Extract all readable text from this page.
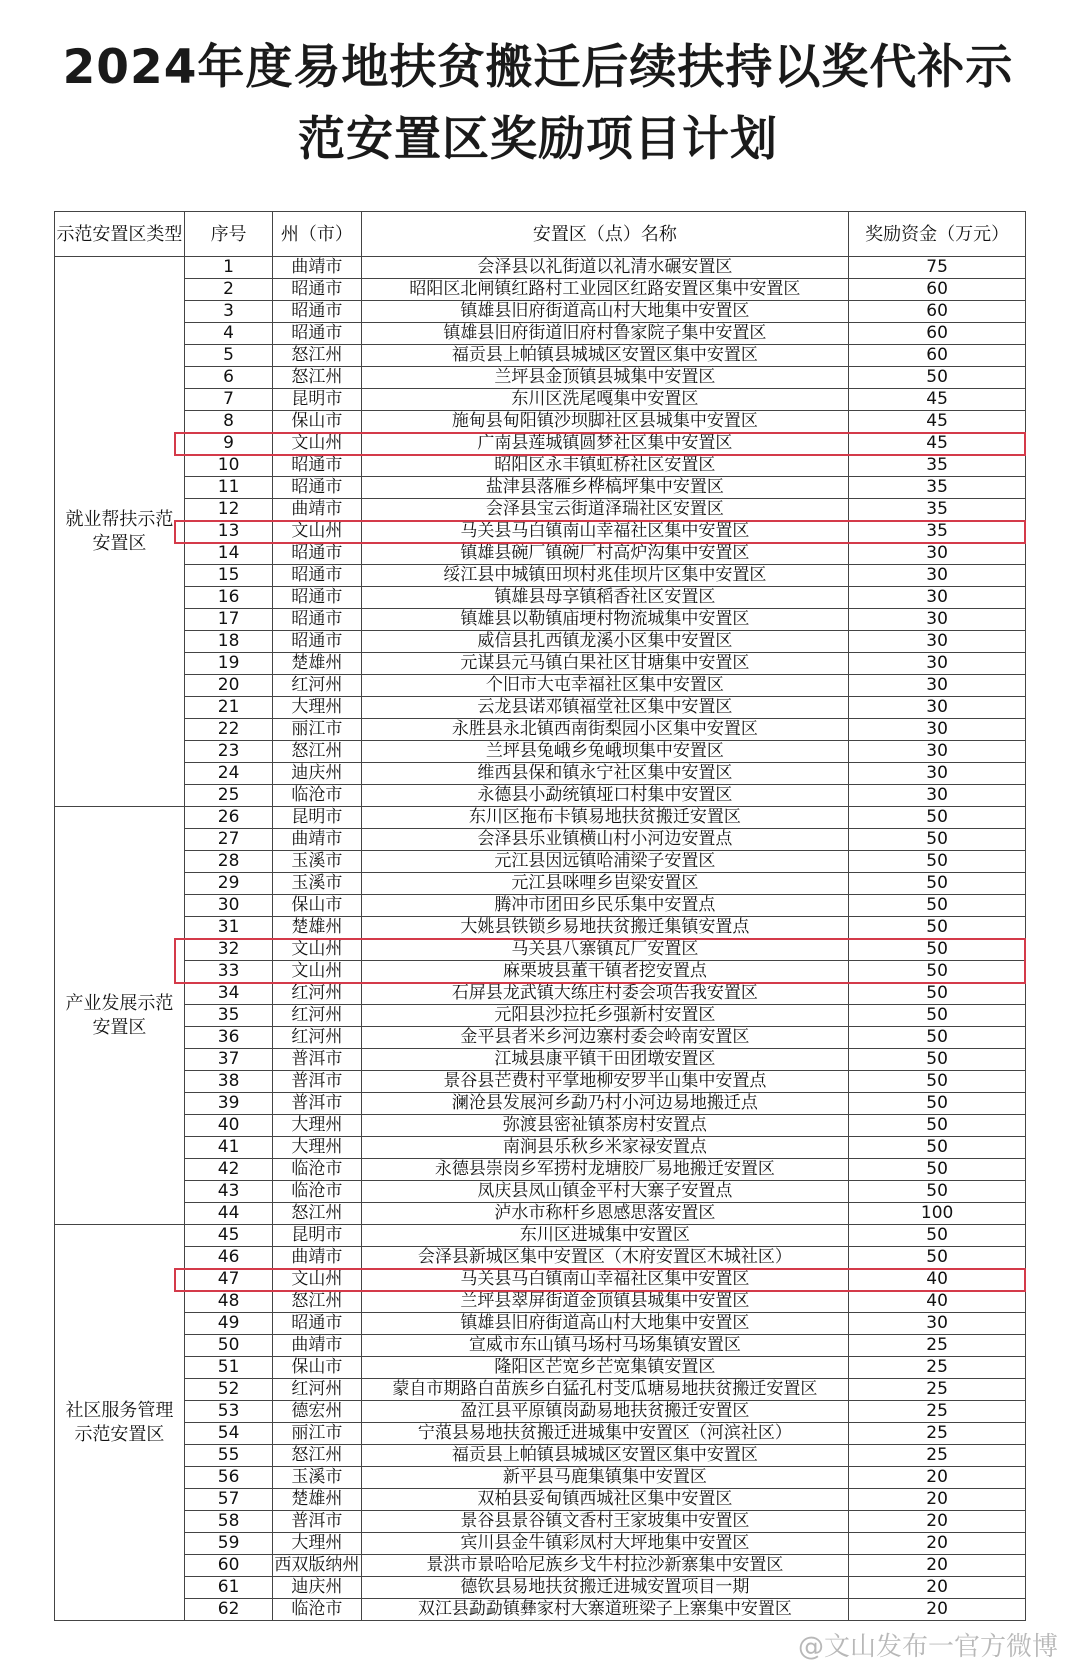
2024年度易地扶贫搬迁后续扶持以奖代补示
范安置区奖励项目计划
示范安置区类型	序号	州（市）	安置区（点）名称	奖励资金（万元）
就业帮扶示范安置区	1	曲靖市	会泽县以礼街道以礼清水碾安置区	75
	2	昭通市	昭阳区北闸镇红路村工业园区红路安置区集中安置区	60
	3	昭通市	镇雄县旧府街道高山村大地集中安置区	60
	4	昭通市	镇雄县旧府街道旧府村鲁家院子集中安置区	60
	5	怒江州	福贡县上帕镇县城城区安置区集中安置区	60
	6	怒江州	兰坪县金顶镇县城集中安置区	50
	7	昆明市	东川区洗尾嘎集中安置区	45
	8	保山市	施甸县甸阳镇沙坝脚社区县城集中安置区	45
	9	文山州	广南县莲城镇圆梦社区集中安置区	45
	10	昭通市	昭阳区永丰镇虹桥社区安置区	35
	11	昭通市	盐津县落雁乡桦槁坪集中安置区	35
	12	曲靖市	会泽县宝云街道泽瑞社区安置区	35
	13	文山州	马关县马白镇南山幸福社区集中安置区	35
	14	昭通市	镇雄县碗厂镇碗厂村高炉沟集中安置区	30
	15	昭通市	绥江县中城镇田坝村兆佳坝片区集中安置区	30
	16	昭通市	镇雄县母享镇稻香社区安置区	30
	17	昭通市	镇雄县以勒镇庙埂村物流城集中安置区	30
	18	昭通市	威信县扎西镇龙溪小区集中安置区	30
	19	楚雄州	元谋县元马镇白果社区甘塘集中安置区	30
	20	红河州	个旧市大屯幸福社区集中安置区	30
	21	大理州	云龙县诺邓镇福堂社区集中安置区	30
	22	丽江市	永胜县永北镇西南街梨园小区集中安置区	30
	23	怒江州	兰坪县兔峨乡兔峨坝集中安置区	30
	24	迪庆州	维西县保和镇永宁社区集中安置区	30
	25	临沧市	永德县小勐统镇垭口村集中安置区	30
产业发展示范安置区	26	昆明市	东川区拖布卡镇易地扶贫搬迁安置区	50
	27	曲靖市	会泽县乐业镇横山村小河边安置点	50
	28	玉溪市	元江县因远镇哈浦梁子安置区	50
	29	玉溪市	元江县咪哩乡岜梁安置区	50
	30	保山市	腾冲市团田乡民乐集中安置点	50
	31	楚雄州	大姚县铁锁乡易地扶贫搬迁集镇安置点	50
	32	文山州	马关县八寨镇瓦厂安置区	50
	33	文山州	麻栗坡县董干镇者挖安置点	50
	34	红河州	石屏县龙武镇大练庄村委会项告我安置区	50
	35	红河州	元阳县沙拉托乡强新村安置区	50
	36	红河州	金平县者米乡河边寨村委会岭南安置区	50
	37	普洱市	江城县康平镇干田团墩安置区	50
	38	普洱市	景谷县芒费村平掌地柳安罗半山集中安置点	50
	39	普洱市	澜沧县发展河乡勐乃村小河边易地搬迁点	50
	40	大理州	弥渡县密祉镇茶房村安置点	50
	41	大理州	南涧县乐秋乡米家禄安置点	50
	42	临沧市	永德县崇岗乡军捞村龙塘胶厂易地搬迁安置区	50
	43	临沧市	凤庆县凤山镇金平村大寨子安置点	50
	44	怒江州	泸水市称杆乡恩感思落安置区	100
社区服务管理示范安置区	45	昆明市	东川区进城集中安置区	50
	46	曲靖市	会泽县新城区集中安置区（木府安置区木城社区）	50
	47	文山州	马关县马白镇南山幸福社区集中安置区	40
	48	怒江州	兰坪县翠屏街道金顶镇县城集中安置区	40
	49	昭通市	镇雄县旧府街道高山村大地集中安置区	30
	50	曲靖市	宣威市东山镇马场村马场集镇安置区	25
	51	保山市	隆阳区芒宽乡芒宽集镇安置区	25
	52	红河州	蒙自市期路白苗族乡白猛孔村芠瓜塘易地扶贫搬迁安置区	25
	53	德宏州	盈江县平原镇岗勐易地扶贫搬迁安置区	25
	54	丽江市	宁蒗县易地扶贫搬迁进城集中安置区（河滨社区）	25
	55	怒江州	福贡县上帕镇县城城区安置区集中安置区	25
	56	玉溪市	新平县马鹿集镇集中安置区	20
	57	楚雄州	双柏县妥甸镇西城社区集中安置区	20
	58	普洱市	景谷县景谷镇文香村王家坡集中安置区	20
	59	大理州	宾川县金牛镇彩凤村大坪地集中安置区	20
	60	西双版纳州	景洪市景哈哈尼族乡戈牛村拉沙新寨集中安置区	20
	61	迪庆州	德钦县易地扶贫搬迁进城安置项目一期	20
	62	临沧市	双江县勐勐镇彝家村大寨道班梁子上寨集中安置区	20
@文山发布一官方微博
